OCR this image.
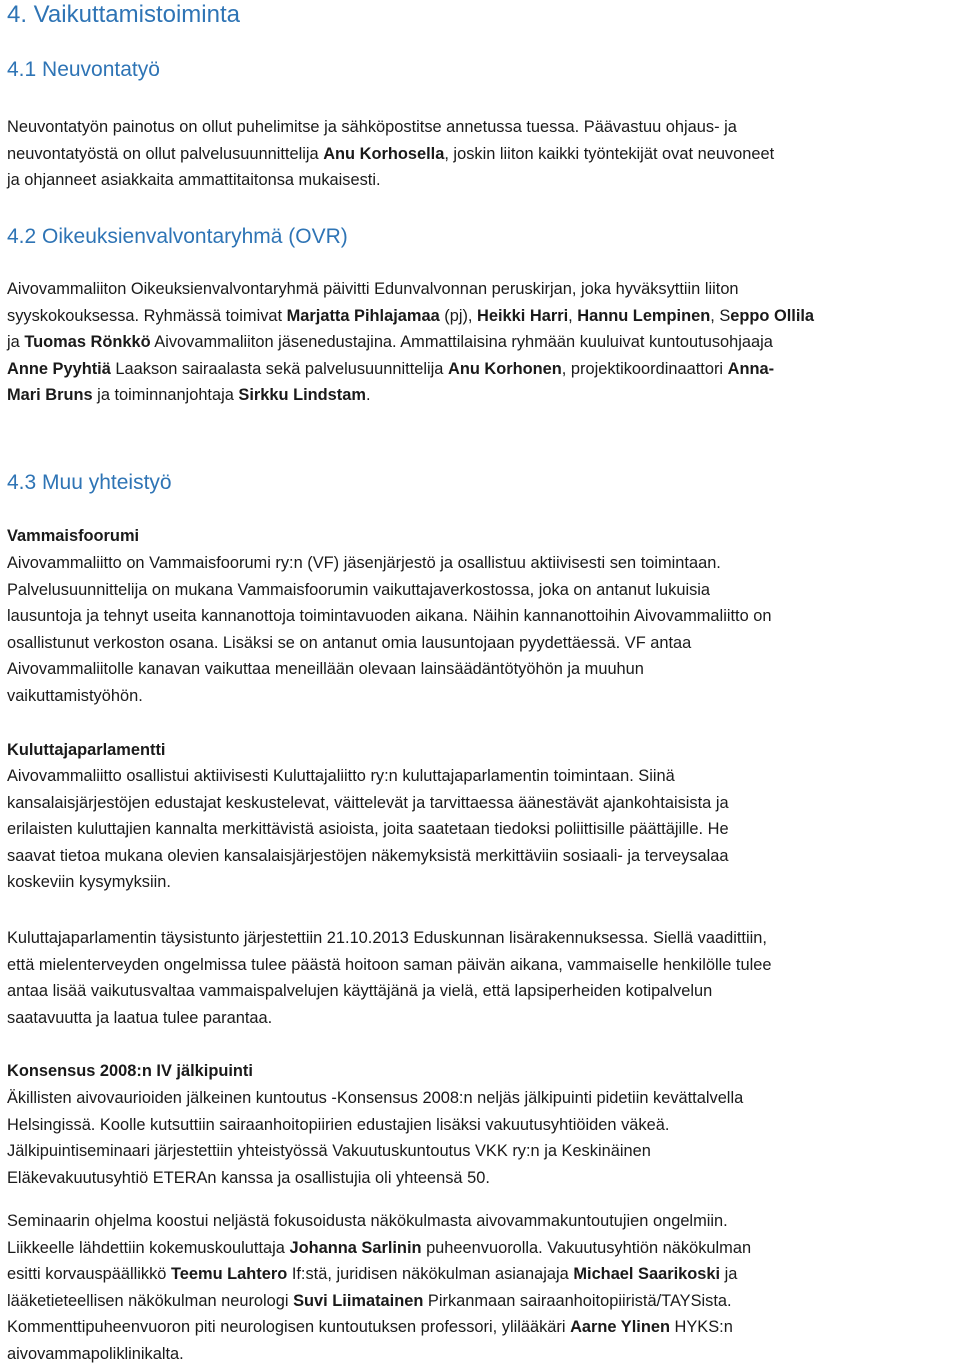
4. Vaikuttamistoiminta
4.1 Neuvontatyö

Neuvontatyön painotus on ollut puhelimitse ja sähköpostitse annetussa tuessa. Päävastuu ohjaus- ja
neuvontatyöstä on ollut palvelusuunnittelija Anu Korhosella, joskin liiton kaikki työntekijät ovat neuvoneet
ja ohjanneet asiakkaita ammattitaitonsa mukaisesti.

4.2 Oikeuksienvalvontaryhmä (OVR)

Aivovammaliiton Oikeuksienvalvontaryhmä päivitti Edunvalvonnan peruskirjan, joka hyväksyttiin liiton
syyskokouksessa. Ryhmässä toimivat Marjatta Pihlajamaa (pj), Heikki Harri, Hannu Lempinen, Seppo Ollila
ja Tuomas Rönkkö Aivovammaliiton jäsenedustajina. Ammattilaisina ryhmään kuuluivat kuntoutusohjaaja
Anne Pyyhtiä Laakson sairaalasta sekä palvelusuunnittelija Anu Korhonen, projektikoordinaattori Anna-
Mari Bruns ja toiminnanjohtaja Sirkku Lindstam.

4.3 Muu yhteistyö
Vammaisfoorumi

Aivovammaliitto on Vammaisfoorumi ry:n (VF) jäsenjärjestö ja osallistuu aktiivisesti sen toimintaan.
Palvelusuunnittelija on mukana Vammaisfoorumin vaikuttajaverkostossa, joka on antanut lukuisia
lausuntoja ja tehnyt useita kannanottoja toimintavuoden aikana. Näihin kannanottoihin Aivovammaliitto on
osallistunut verkoston osana. Lisäksi se on antanut omia lausuntojaan pyydettäessä. VF antaa
Aivovammaliitolle kanavan vaikuttaa meneillään olevaan lainsäädäntötyöhön ja muuhun
vaikuttamistyöhön.

Kuluttajaparlamentti

Aivovammaliitto osallistui aktiivisesti Kuluttajaliitto ry:n kuluttajaparlamentin toimintaan. Siinä
kansalaisjärjestöjen edustajat keskustelevat, väittelevät ja tarvittaessa äänestävät ajankohtaisista ja
erilaisten kuluttajien kannalta merkittävistä asioista, joita saatetaan tiedoksi poliittisille päättäjille. He
saavat tietoa mukana olevien kansalaisjärjestöjen näkemyksistä merkittäviin sosiaali- ja terveysalaa
koskeviin kysymyksiin.

Kuluttajaparlamentin täysistunto järjestettiin 21.10.2013 Eduskunnan lisärakennuksessa. Siellä vaadittiin,
että mielenterveyden ongelmissa tulee päästä hoitoon saman päivän aikana, vammaiselle henkilölle tulee
antaa lisää vaikutusvaltaa vammaispalvelujen käyttäjänä ja vielä, että lapsiperheiden kotipalvelun
saatavuutta ja laatua tulee parantaa.

Konsensus 2008:n IV jälkipuinti

Äkillisten aivovaurioiden jälkeinen kuntoutus -Konsensus 2008:n neljäs jälkipuinti pidetiin kevättalvella
Helsingissä. Koolle kutsuttiin sairaanhoitopiirien edustajien lisäksi vakuutusyhtiöiden väkeä.
Jälkipuintiseminaari järjestettiin yhteistyössä Vakuutuskuntoutus VKK ry:n ja Keskinäinen
Eläkevakuutusyhtiö ETERAn kanssa ja osallistujia oli yhteensä 50.

Seminaarin ohjelma koostui neljästä fokusoidusta näkökulmasta aivovammakuntoutujien ongelmiin.
Liikkeelle lähdettiin kokemuskouluttaja Johanna Sarlinin puheenvuorolla. Vakuutusyhtiön näkökulman
esitti korvauspäällikkö Teemu Lahtero If:stä, juridisen näkökulman asianajaja Michael Saarikoski ja
lääketieteellisen näkökulman neurologi Suvi Liimatainen Pirkanmaan sairaanhoitopiiristä/TAYSista.
Kommenttipuheenvuoron piti neurologisen kuntoutuksen professori, ylilääkäri Aarne Ylinen HYKS:n
aivovammapoliklinikalta.
